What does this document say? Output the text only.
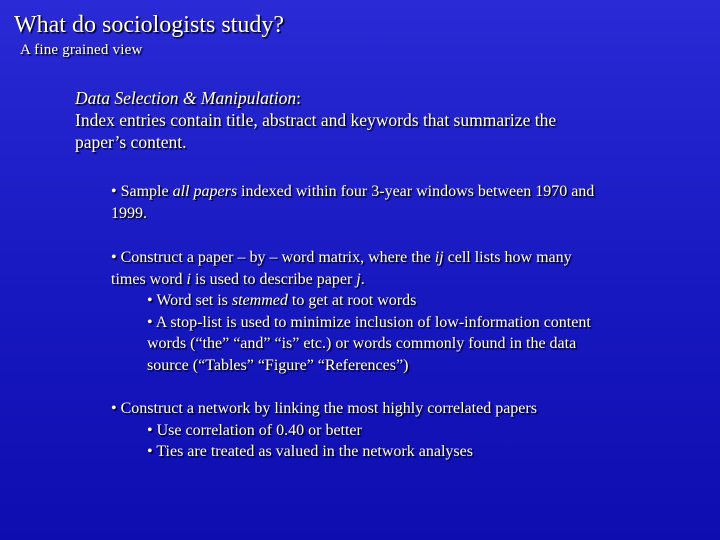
What do sociologists study?
A fine grained view
Data Selection & Manipulation:
Index entries contain title, abstract and keywords that summarize the
paper’s content.
• Sample all papers indexed within four 3-year windows between 1970 and
1999.
• Construct a paper – by – word matrix, where the ij cell lists how many
times word i is used to describe paper j.
• Word set is stemmed to get at root words
• A stop-list is used to minimize inclusion of low-information content
words (“the” “and” “is” etc.) or words commonly found in the data
source (“Tables” “Figure” “References”)
• Construct a network by linking the most highly correlated papers
• Use correlation of 0.40 or better
• Ties are treated as valued in the network analyses
